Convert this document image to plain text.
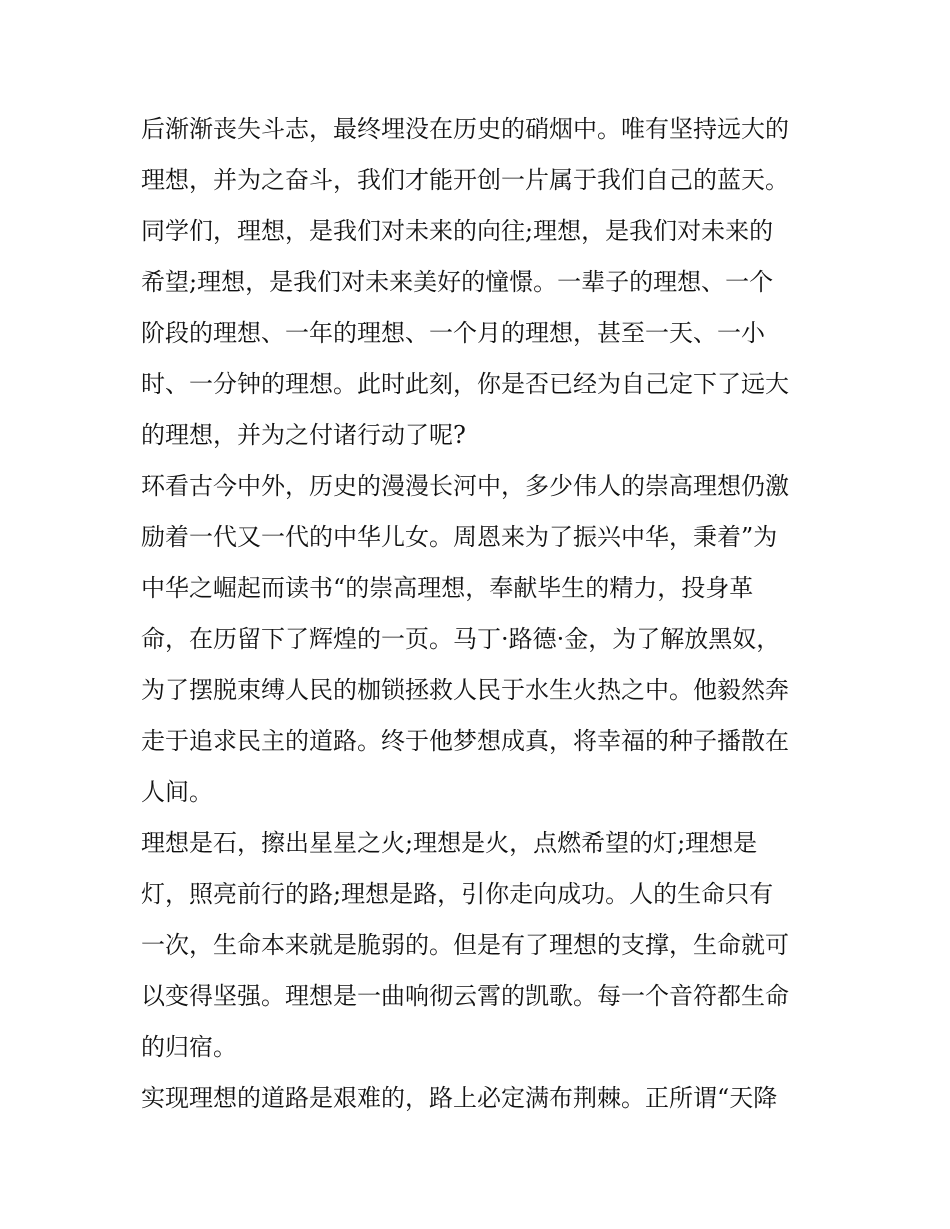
后渐渐丧失斗志，最终埋没在历史的硝烟中。唯有坚持远大的
理想，并为之奋斗，我们才能开创一片属于我们自己的蓝天。
同学们，理想，是我们对未来的向往;理想，是我们对未来的
希望;理想，是我们对未来美好的憧憬。一辈子的理想、一个
阶段的理想、一年的理想、一个月的理想，甚至一天、一小
时、一分钟的理想。此时此刻，你是否已经为自己定下了远大
的理想，并为之付诸行动了呢?
环看古今中外，历史的漫漫长河中，多少伟人的崇高理想仍激
励着一代又一代的中华儿女。周恩来为了振兴中华，秉着”为
中华之崛起而读书“的崇高理想，奉献毕生的精力，投身革
命，在历留下了辉煌的一页。马丁·路德·金，为了解放黑奴，
为了摆脱束缚人民的枷锁拯救人民于水生火热之中。他毅然奔
走于追求民主的道路。终于他梦想成真，将幸福的种子播散在
人间。
理想是石，擦出星星之火;理想是火，点燃希望的灯;理想是
灯，照亮前行的路;理想是路，引你走向成功。人的生命只有
一次，生命本来就是脆弱的。但是有了理想的支撑，生命就可
以变得坚强。理想是一曲响彻云霄的凯歌。每一个音符都生命
的归宿。
实现理想的道路是艰难的，路上必定满布荆棘。正所谓“天降
